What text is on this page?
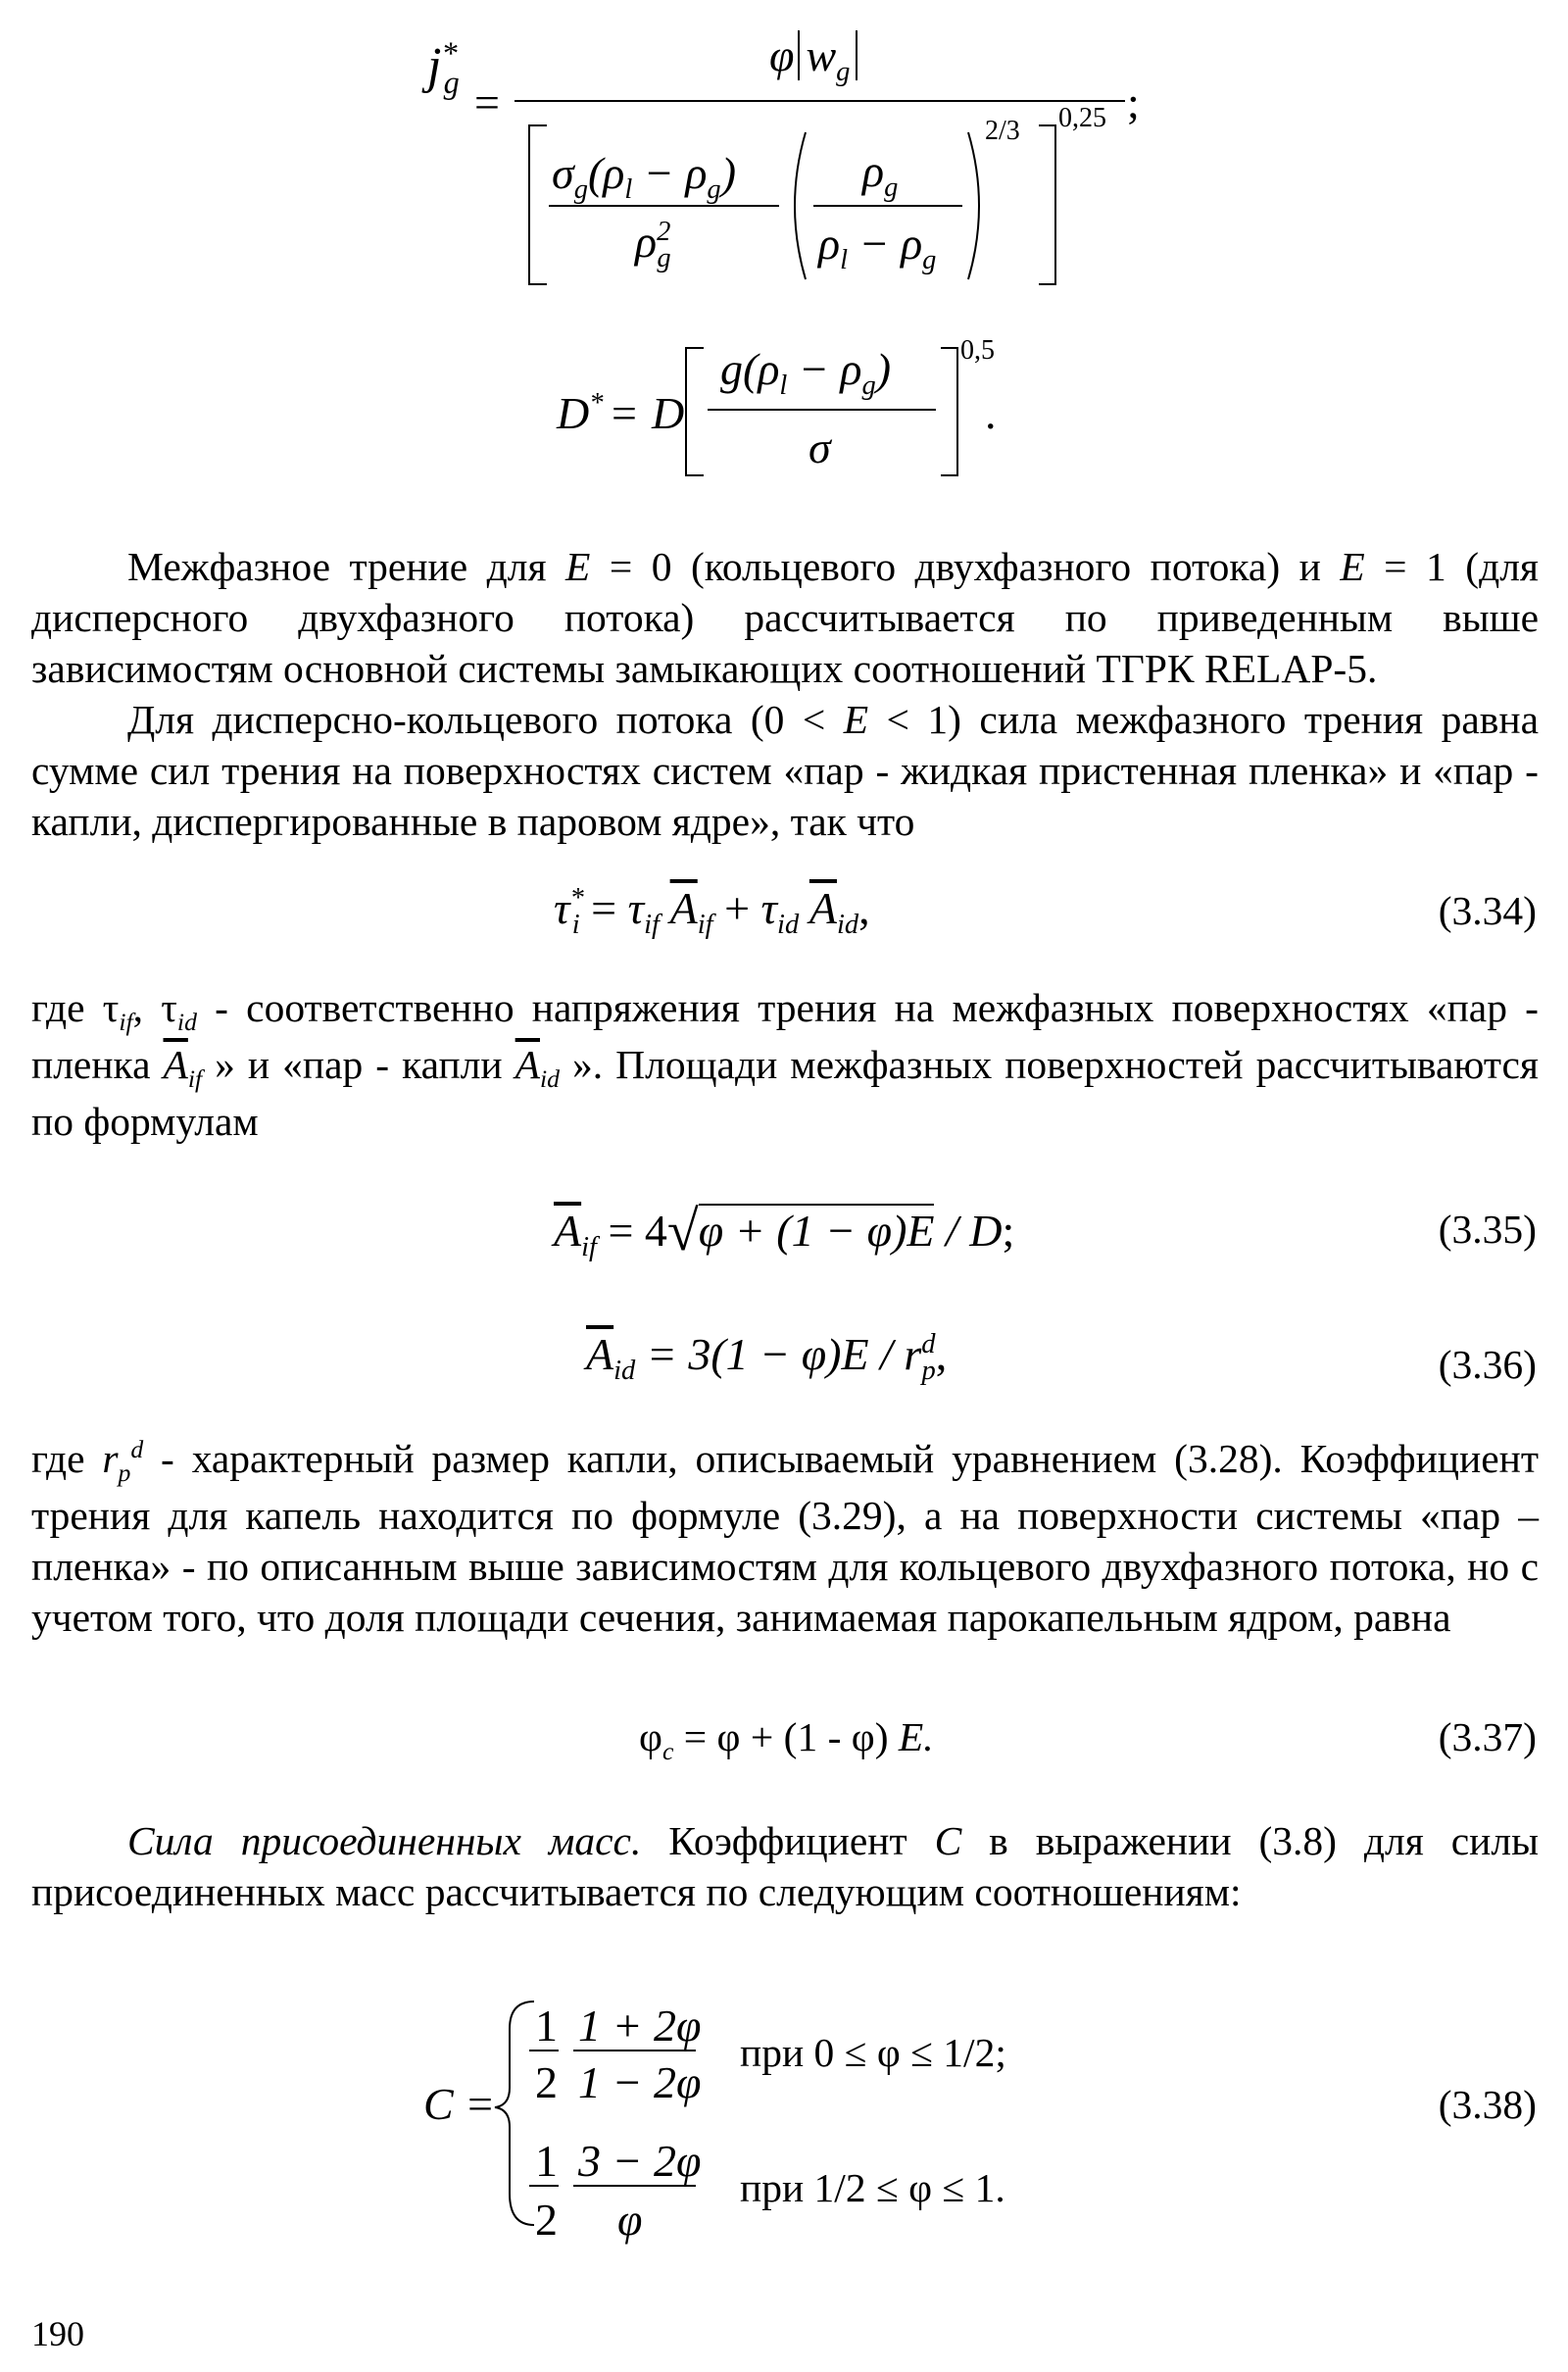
$j^*_g$ =
φ $w_g$
$\sigma_g(\rho_l - \rho_g)$
$\rho^2_g$
$\rho_g$
$\rho_l - \rho_g$
2/3 0,25 ;
D* = D
$g(\rho_l - \rho_g)$
σ
0,5
.

Межфазное трение для E = 0 (кольцевого двухфазного потока) и E = 1 (для дисперсного двухфазного потока) рассчитывается по приведенным выше зависимостям основной системы замыкающих соотношений ТГРК RELAP-5.

Для дисперсно-кольцевого потока (0 < E < 1) сила межфазного трения равна сумме сил трения на поверхностях систем «пар - жидкая пристенная пленка» и «пар - капли, диспергированные в паровом ядре», так что

$\tau^*_i = \tau_{if}$ $\overline{A}_{if} + \tau_{id}$ $\overline{A}_{id}$,	(3.34)

где $\tau_{if}$, $\tau_{id}$ - соответственно напряжения трения на межфазных поверхностях «пар - пленка $\overline{A}_{if}$ » и «пар - капли $\overline{A}_{id}$ ». Площади межфазных поверхностей рассчитываются по формулам

$\overline{A}_{if} = 4√\varphi + (1 - \varphi)E / D$;	(3.35)
$\overline{A}_{id} = 3(1 - \varphi)E / r^d_p$,	(3.36)

где $r_p^d$ - характерный размер капли, описываемый уравнением (3.28). Коэффициент трения для капель находится по формуле (3.29), а на поверхности системы «пар – пленка» - по описанным выше зависимостям для кольцевого двухфазного потока, но с учетом того, что доля площади сечения, занимаемая парокапельным ядром, равна

$\varphi_c = \varphi + (1 - \varphi)$ E.	(3.37)

Сила присоединенных масс. Коэффициент C в выражении (3.8) для силы присоединенных масс рассчитывается по следующим соотношениям:

C =
1
2
1 + 2φ
1 − 2φ
при 0 ≤ φ ≤ 1/2;
1
2
3 − 2φ
φ
при 1/2 ≤ φ ≤ 1.
(3.38)
190
